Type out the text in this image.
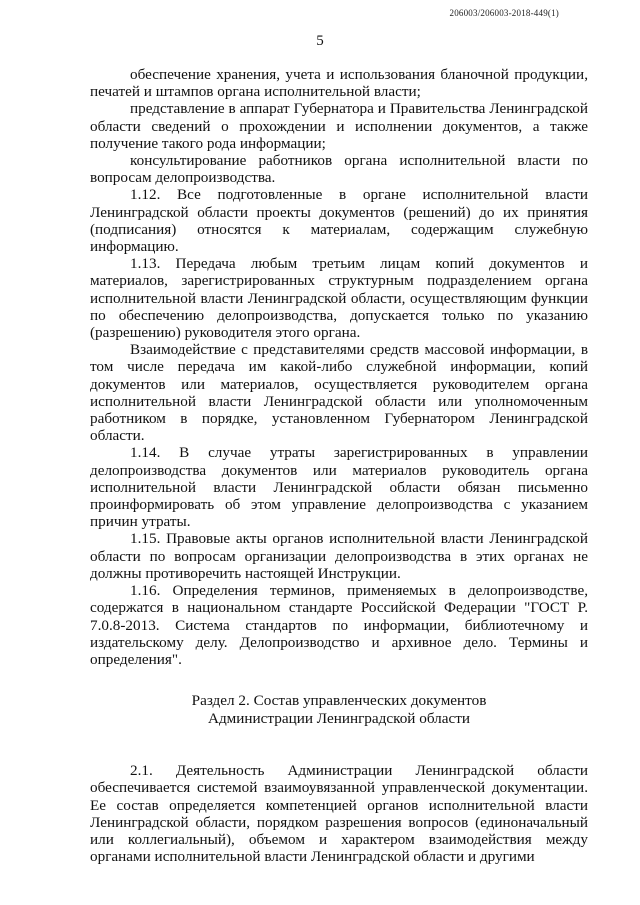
206003/206003-2018-449(1)
5

обеспечение хранения, учета и использования бланочной продукции, печатей и штампов органа исполнительной власти;

представление в аппарат Губернатора и Правительства Ленинградской области сведений о прохождении и исполнении документов, а также получение такого рода информации;

консультирование работников органа исполнительной власти по вопросам делопроизводства.

1.12. Все подготовленные в органе исполнительной власти Ленинградской области проекты документов (решений) до их принятия (подписания) относятся к материалам, содержащим служебную информацию.

1.13. Передача любым третьим лицам копий документов и материалов, зарегистрированных структурным подразделением органа исполнительной власти Ленинградской области, осуществляющим функции по обеспечению делопроизводства, допускается только по указанию (разрешению) руководителя этого органа.

Взаимодействие с представителями средств массовой информации, в том числе передача им какой-либо служебной информации, копий документов или материалов, осуществляется руководителем органа исполнительной власти Ленинградской области или уполномоченным работником в порядке, установленном Губернатором Ленинградской области.

1.14. В случае утраты зарегистрированных в управлении делопроизводства документов или материалов руководитель органа исполнительной власти Ленинградской области обязан письменно проинформировать об этом управление делопроизводства с указанием причин утраты.

1.15. Правовые акты органов исполнительной власти Ленинградской области по вопросам организации делопроизводства в этих органах не должны противоречить настоящей Инструкции.

1.16. Определения терминов, применяемых в делопроизводстве, содержатся в национальном стандарте Российской Федерации "ГОСТ Р. 7.0.8-2013. Система стандартов по информации, библиотечному и издательскому делу. Делопроизводство и архивное дело. Термины и определения".

Раздел 2. Состав управленческих документов
Администрации Ленинградской области

2.1. Деятельность Администрации Ленинградской области обеспечивается системой взаимоувязанной управленческой документации. Ее состав определяется компетенцией органов исполнительной власти Ленинградской области, порядком разрешения вопросов (единоначальный или коллегиальный), объемом и характером взаимодействия между органами исполнительной власти Ленинградской области и другими
